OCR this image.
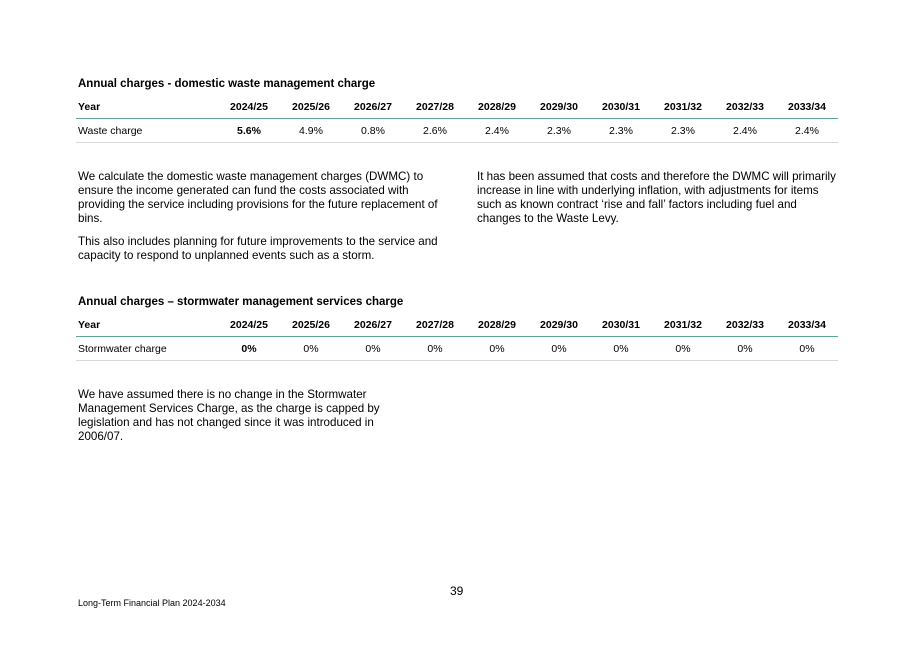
Annual charges - domestic waste management charge
Year	2024/25	2025/26	2026/27	2027/28	2028/29	2029/30	2030/31	2031/32	2032/33	2033/34
Waste charge	5.6%	4.9%	0.8%	2.6%	2.4%	2.3%	2.3%	2.3%	2.4%	2.4%

We calculate the domestic waste management charges (DWMC) to ensure the income generated can fund the costs associated with providing the service including provisions for the future replacement of bins.

This also includes planning for future improvements to the service and capacity to respond to unplanned events such as a storm.

It has been assumed that costs and therefore the DWMC will primarily increase in line with underlying inflation, with adjustments for items such as known contract ‘rise and fall’ factors including fuel and changes to the Waste Levy.

Annual charges – stormwater management services charge
Year	2024/25	2025/26	2026/27	2027/28	2028/29	2029/30	2030/31	2031/32	2032/33	2033/34
Stormwater charge	0%	0%	0%	0%	0%	0%	0%	0%	0%	0%

We have assumed there is no change in the Stormwater Management Services Charge, as the charge is capped by legislation and has not changed since it was introduced in 2006/07.

39
Long-Term Financial Plan 2024-2034
